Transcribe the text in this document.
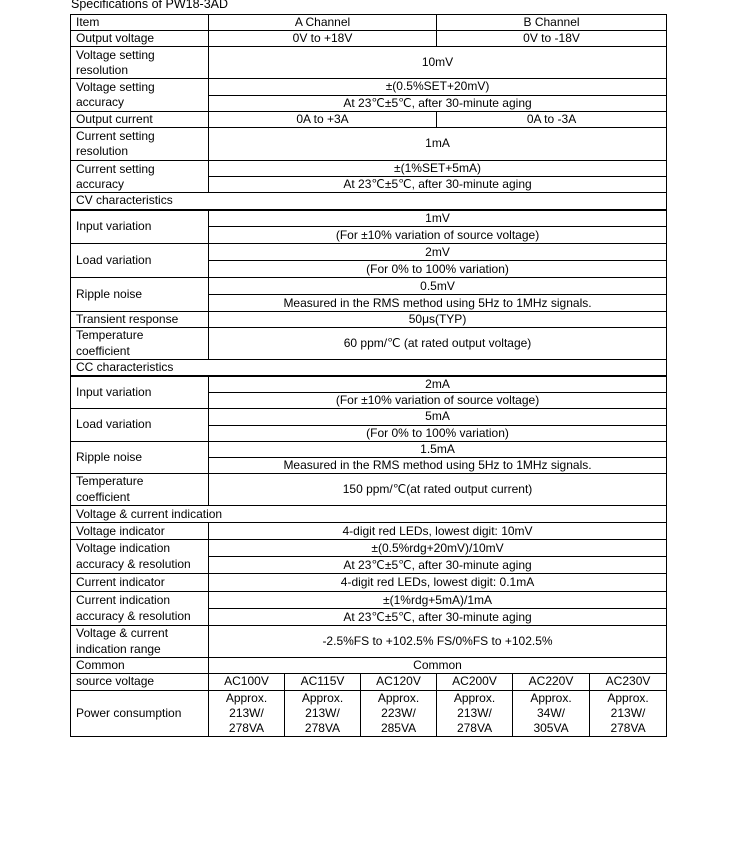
Specifications of PW18-3AD
Item	A Channel			B Channel		
Output voltage	0V to +18V			0V to -18V		
Voltage setting
resolution	10mV					
Voltage setting
accuracy	±(0.5%SET+20mV)					
	At 23℃±5℃, after 30-minute aging					
Output current	0A to +3A			0A to -3A		
Current setting
resolution	1mA					
Current setting
accuracy	±(1%SET+5mA)					
	At 23℃±5℃, after 30-minute aging					
CV characteristics						
Input variation	1mV					
	(For ±10% variation of source voltage)					
Load variation	2mV					
	(For 0% to 100% variation)					
Ripple noise	0.5mV					
	Measured in the RMS method using 5Hz to 1MHz signals.					
Transient response	50μs(TYP)					
Temperature
coefficient	60 ppm/℃ (at rated output voltage)					
CC characteristics						
Input variation	2mA					
	(For ±10% variation of source voltage)					
Load variation	5mA					
	(For 0% to 100% variation)					
Ripple noise	1.5mA					
	Measured in the RMS method using 5Hz to 1MHz signals.					
Temperature
coefficient	150 ppm/℃(at rated output current)					
Voltage & current indication						
Voltage indicator	4-digit red LEDs, lowest digit: 10mV					
Voltage indication
accuracy & resolution	±(0.5%rdg+20mV)/10mV					
	At 23℃±5℃, after 30-minute aging					
Current indicator	4-digit red LEDs, lowest digit: 0.1mA					
Current indication
accuracy & resolution	±(1%rdg+5mA)/1mA					
	At 23℃±5℃, after 30-minute aging					
Voltage & current
indication range	-2.5%FS to +102.5% FS/0%FS to +102.5%					
Common	Common					
source voltage	AC100V	AC115V	AC120V	AC200V	AC220V	AC230V
Power consumption	Approx.
213W/
278VA	Approx.
213W/
278VA	Approx.
223W/
285VA	Approx.
213W/
278VA	Approx.
34W/
305VA	Approx.
213W/
278VA
